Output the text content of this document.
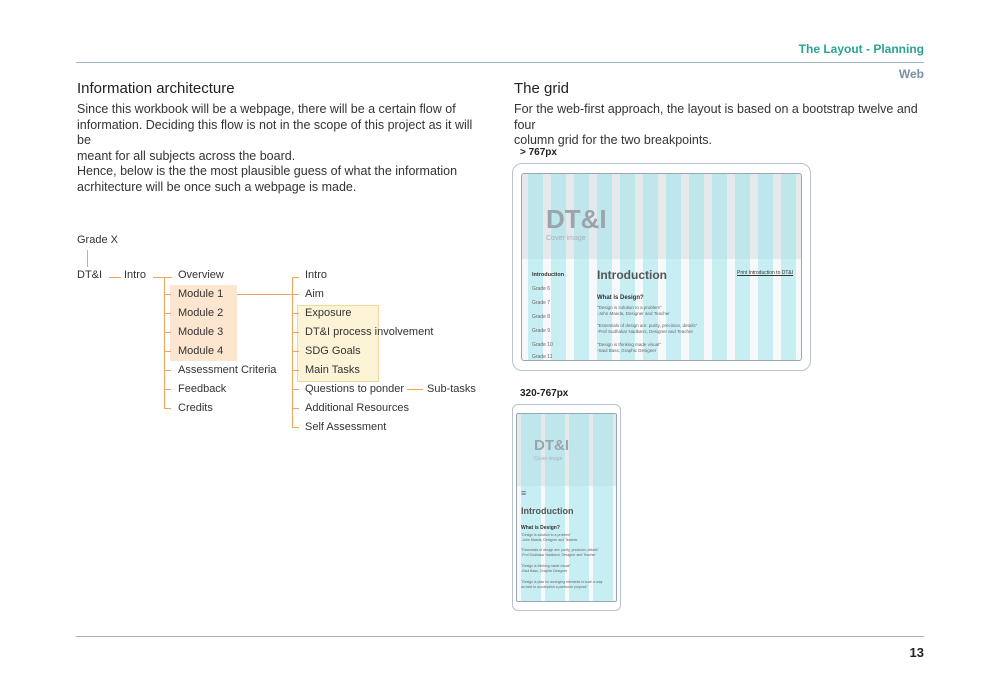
The Layout - Planning
Web
Information architecture
Since this workbook will be a webpage, there will be a certain flow of
information. Deciding this flow is not in the scope of this project as it will be
meant for all subjects across the board.
Hence, below is the the most plausible guess of what the information
acrhitecture will be once such a webpage is made.
Grade X
DT&I Intro	Overview
Module 1
Module 2
Module 3
Module 4
Assessment Criteria
Feedback
Credits
Intro
Aim
Exposure
DT&I process involvement
SDG Goals
Main Tasks
Questions to ponder
Additional Resources
Self Assessment
Sub-tasks
The grid
For the web-first approach, the layout is based on a bootstrap twelve and four
column grid for the two breakpoints.
> 767px
DT&I
Cover image
Introduction	Print Introduction to DT&I
Introduction
Grade 6
Grade 7
Grade 8
Grade 9
Grade 10
Grade 11
What is Design?
"Design is solution to a problem"
-John Maeda, Designer and Teacher
"Essentials of design are: purity, precision, details"
-Prof Sudhakar Nadkarni, Designer and Teacher
"Design is thinking made visual"
-Saul Bass, Graphic Designer
320-767px
DT&I
Cover image
≡
Introduction
What is Design?
"Design is solution to a problem"
-John Maeda, Designer and Teacher
"Essentials of design are: purity, precision, details"
-Prof Sudhakar Nadkarni, Designer and Teacher
"Design is thinking made visual"
-Saul Bass, Graphic Designer
"Design is plan for arranging elements in such a way
as best to accomplish a particular purpose"
13
